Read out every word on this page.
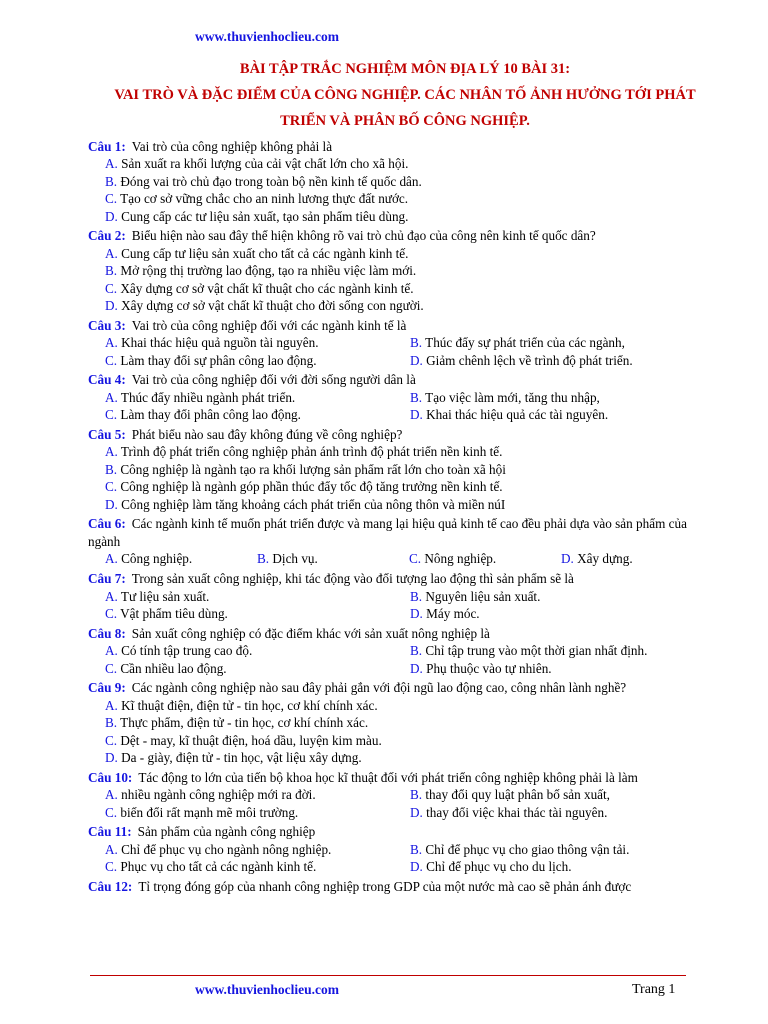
www.thuvienhoclieu.com
BÀI TẬP TRẮC NGHIỆM MÔN ĐỊA LÝ 10 BÀI 31:
VAI TRÒ VÀ ĐẶC ĐIỂM CỦA CÔNG NGHIỆP. CÁC NHÂN TỐ ẢNH HƯỞNG TỚI PHÁT
TRIỂN VÀ PHÂN BỐ CÔNG NGHIỆP.
Câu 1: Vai trò của công nghiệp không phải là
A. Sản xuất ra khối lượng của cải vật chất lớn cho xã hội.
B. Đóng vai trò chủ đạo trong toàn bộ nền kinh tế quốc dân.
C. Tạo cơ sở vững chắc cho an ninh lương thực đất nước.
D. Cung cấp các tư liệu sản xuất, tạo sản phẩm tiêu dùng.
Câu 2: Biểu hiện nào sau đây thể hiện không rõ vai trò chủ đạo của công nên kinh tế quốc dân?
A. Cung cấp tư liệu sản xuất cho tất cả các ngành kinh tế.
B. Mở rộng thị trường lao động, tạo ra nhiều việc làm mới.
C. Xây dựng cơ sở vật chất kĩ thuật cho các ngành kinh tế.
D. Xây dựng cơ sở vật chất kĩ thuật cho đời sống con người.
Câu 3: Vai trò của công nghiệp đối với các ngành kinh tế là
A. Khai thác hiệu quả nguồn tài nguyên.	B. Thúc đẩy sự phát triển của các ngành,
C. Làm thay đổi sự phân công lao động.	D. Giảm chênh lệch về trình độ phát triển.
Câu 4: Vai trò của công nghiệp đối với đời sống người dân là
A. Thúc đẩy nhiều ngành phát triển.	B. Tạo việc làm mới, tăng thu nhập,
C. Làm thay đổi phân công lao động.	D. Khai thác hiệu quả các tài nguyên.
Câu 5: Phát biểu nào sau đây không đúng về công nghiệp?
A. Trình độ phát triển công nghiệp phản ánh trình độ phát triển nền kinh tế.
B. Công nghiệp là ngành tạo ra khối lượng sản phẩm rất lớn cho toàn xã hội
C. Công nghiệp là ngành góp phần thúc đẩy tốc độ tăng trưởng nền kinh tế.
D. Công nghiệp làm tăng khoảng cách phát triển của nông thôn và miền núI
Câu 6: Các ngành kinh tế muốn phát triển được và mang lại hiệu quả kinh tế cao đều phải dựa vào sản phẩm của ngành
A. Công nghiệp.	B. Dịch vụ.	C. Nông nghiệp.	D. Xây dựng.
Câu 7: Trong sản xuất công nghiệp, khi tác động vào đối tượng lao động thì sản phẩm sẽ là
A. Tư liệu sản xuất.	B. Nguyên liệu sản xuất.
C. Vật phẩm tiêu dùng.	D. Máy móc.
Câu 8: Sản xuất công nghiệp có đặc điểm khác với sản xuất nông nghiệp là
A. Có tính tập trung cao độ.	B. Chỉ tập trung vào một thời gian nhất định.
C. Cần nhiều lao động.	D. Phụ thuộc vào tự nhiên.
Câu 9: Các ngành công nghiệp nào sau đây phải gắn với đội ngũ lao động cao, công nhân lành nghề?
A. Kĩ thuật điện, điện tử - tin học, cơ khí chính xác.
B. Thực phẩm, điện tử - tin học, cơ khí chính xác.
C. Dệt - may, kĩ thuật điện, hoá dầu, luyện kim màu.
D. Da - giày, điện tử - tin học, vật liệu xây dựng.
Câu 10: Tác động to lớn của tiến bộ khoa học kĩ thuật đối với phát triển công nghiệp không phải là làm
A. nhiều ngành công nghiệp mới ra đời.	B. thay đổi quy luật phân bố sản xuất,
C. biến đổi rất mạnh mẽ môi trường.	D. thay đổi việc khai thác tài nguyên.
Câu 11: Sản phẩm của ngành công nghiệp
A. Chỉ để phục vụ cho ngành nông nghiệp.	B. Chỉ để phục vụ cho giao thông vận tải.
C. Phục vụ cho tất cả các ngành kinh tế.	D. Chỉ để phục vụ cho du lịch.
Câu 12: Tỉ trọng đóng góp của nhanh công nghiệp trong GDP của một nước mà cao sẽ phản ánh được
www.thuvienhoclieu.com	Trang 1
